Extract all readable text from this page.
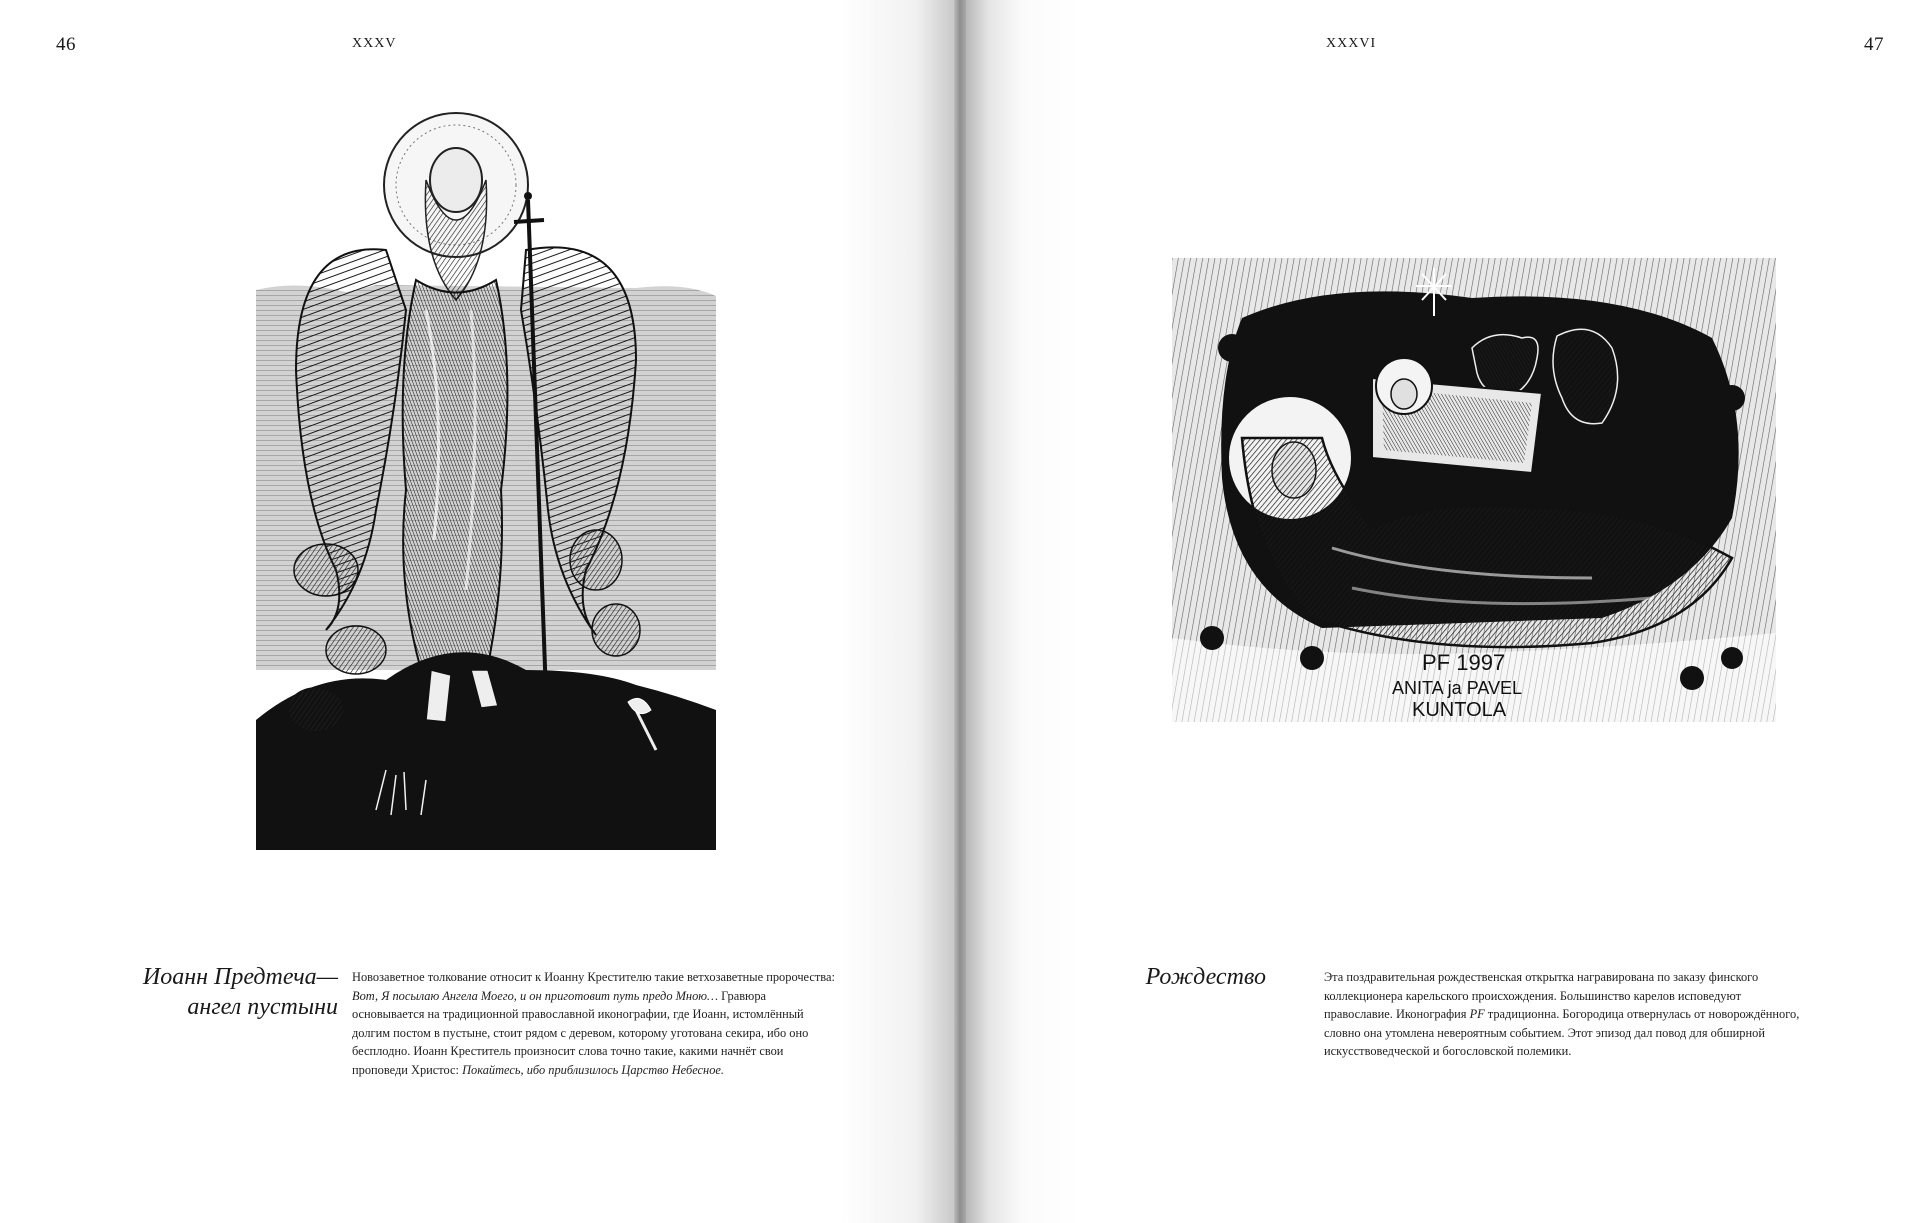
46	XXXV
Иоанн Предтеча—
ангел пустыни

Новозаветное толкование относит к Иоанну Крестителю такие ветхозаветные пророчества: Вот, Я посылаю Ангела Моего, и он приготовит путь предо Мною… Гравюра основывается на традиционной православной иконографии, где Иоанн, истомлённый долгим постом в пустыне, стоит рядом с деревом, которому уготована секира, ибо оно бесплодно. Иоанн Креститель произносит слова точно такие, какими начнёт свои проповеди Христос: Покайтесь, ибо приблизилось Царство Небесное.

XXXVI	47
PF 1997
ANITA ja PAVEL
KUNTOLA
Рождество	Эта поздравительная рождественская открытка награвирована по заказу финского коллекционера карельского происхождения. Большинство карелов исповедуют православие. Иконография PF традиционна. Богородица отвернулась от новорождённого, словно она утомлена невероятным событием. Этот эпизод дал повод для обширной искусствоведческой и богословской полемики.
